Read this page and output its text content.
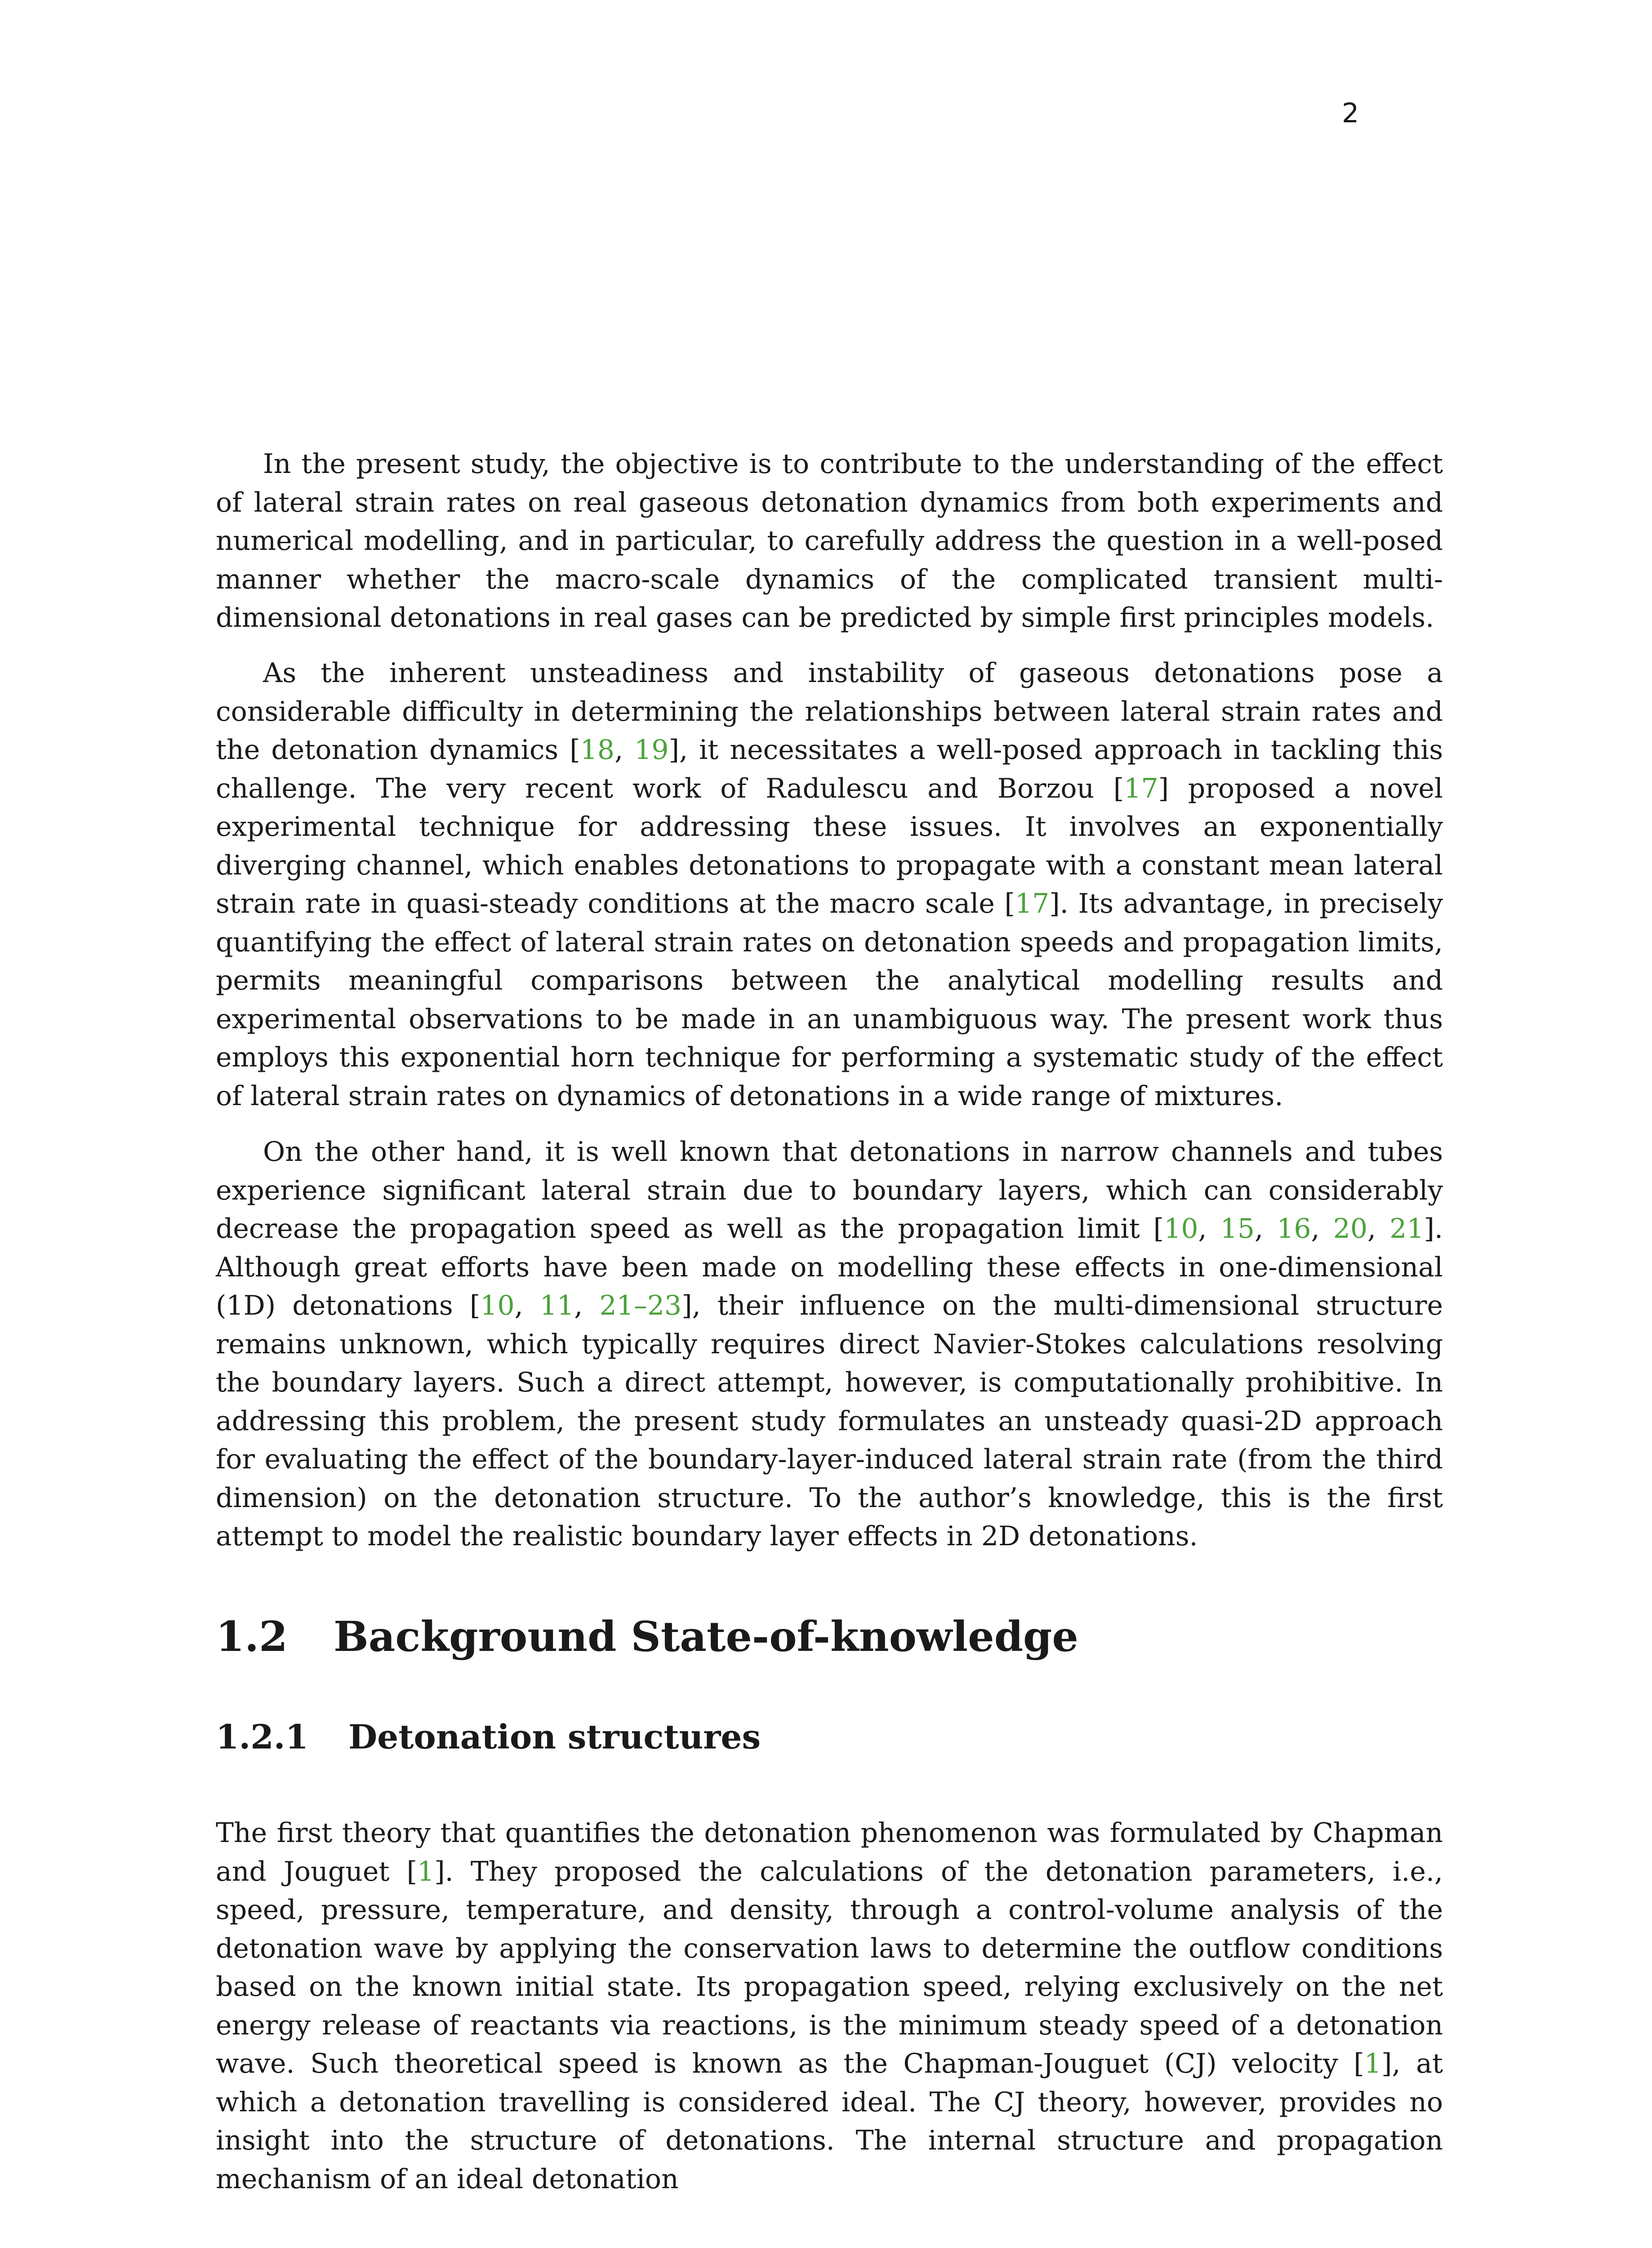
2

In the present study, the objective is to contribute to the understanding of the effect of lateral strain rates on real gaseous detonation dynamics from both experiments and numerical modelling, and in particular, to carefully address the question in a well-posed manner whether the macro-scale dynamics of the complicated transient multi-dimensional detonations in real gases can be predicted by simple first principles models.

As the inherent unsteadiness and instability of gaseous detonations pose a considerable difficulty in determining the relationships between lateral strain rates and the detonation dynamics [18, 19], it necessitates a well-posed approach in tackling this challenge. The very recent work of Radulescu and Borzou [17] proposed a novel experimental technique for addressing these issues. It involves an exponentially diverging channel, which enables detonations to propagate with a constant mean lateral strain rate in quasi-steady conditions at the macro scale [17]. Its advantage, in precisely quantifying the effect of lateral strain rates on detonation speeds and propagation limits, permits meaningful comparisons between the analytical modelling results and experimental observations to be made in an unambiguous way. The present work thus employs this exponential horn technique for performing a systematic study of the effect of lateral strain rates on dynamics of detonations in a wide range of mixtures.

On the other hand, it is well known that detonations in narrow channels and tubes experience significant lateral strain due to boundary layers, which can considerably decrease the propagation speed as well as the propagation limit [10, 15, 16, 20, 21]. Although great efforts have been made on modelling these effects in one-dimensional (1D) detonations [10, 11, 21–23], their influence on the multi-dimensional structure remains unknown, which typically requires direct Navier-Stokes calculations resolving the boundary layers. Such a direct attempt, however, is computationally prohibitive. In addressing this problem, the present study formulates an unsteady quasi-2D approach for evaluating the effect of the boundary-layer-induced lateral strain rate (from the third dimension) on the detonation structure. To the author’s knowledge, this is the first attempt to model the realistic boundary layer effects in 2D detonations.

1.2 Background State-of-knowledge
1.2.1 Detonation structures

The first theory that quantifies the detonation phenomenon was formulated by Chapman and Jouguet [1]. They proposed the calculations of the detonation parameters, i.e., speed, pressure, temperature, and density, through a control-volume analysis of the detonation wave by applying the conservation laws to determine the outflow conditions based on the known initial state. Its propagation speed, relying exclusively on the net energy release of reactants via reactions, is the minimum steady speed of a detonation wave. Such theoretical speed is known as the Chapman-Jouguet (CJ) velocity [1], at which a detonation travelling is considered ideal. The CJ theory, however, provides no insight into the structure of detonations. The internal structure and propagation mechanism of an ideal detonation
